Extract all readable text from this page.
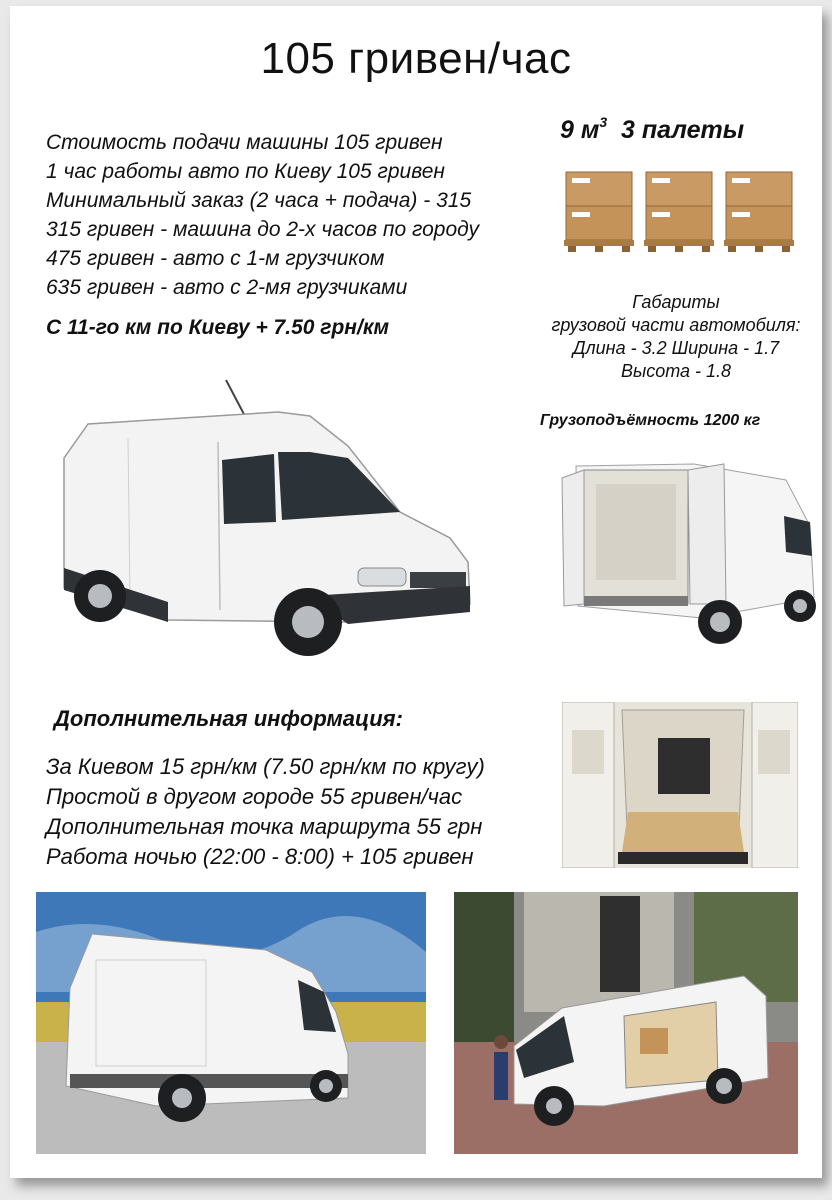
105 гривен/час
Стоимость подачи машины 105 гривен
1 час работы авто по Киеву 105 гривен
Минимальный заказ (2 часа + подача) - 315
315 гривен - машина до 2-х часов по городу
475 гривен - авто с 1-м грузчиком
635 гривен - авто с 2-мя грузчиками
С 11-го км по Киеву + 7.50 грн/км
9 $м^3$ 3 палеты
Габариты
грузовой части автомобиля:
Длина - 3.2 Ширина - 1.7
Высота - 1.8
Грузоподъёмность 1200 кг
Дополнительная информация:
За Киевом 15 грн/км (7.50 грн/км по кругу)
Простой в другом городе 55 гривен/час
Дополнительная точка маршрута 55 грн
Работа ночью (22:00 - 8:00) + 105 гривен
